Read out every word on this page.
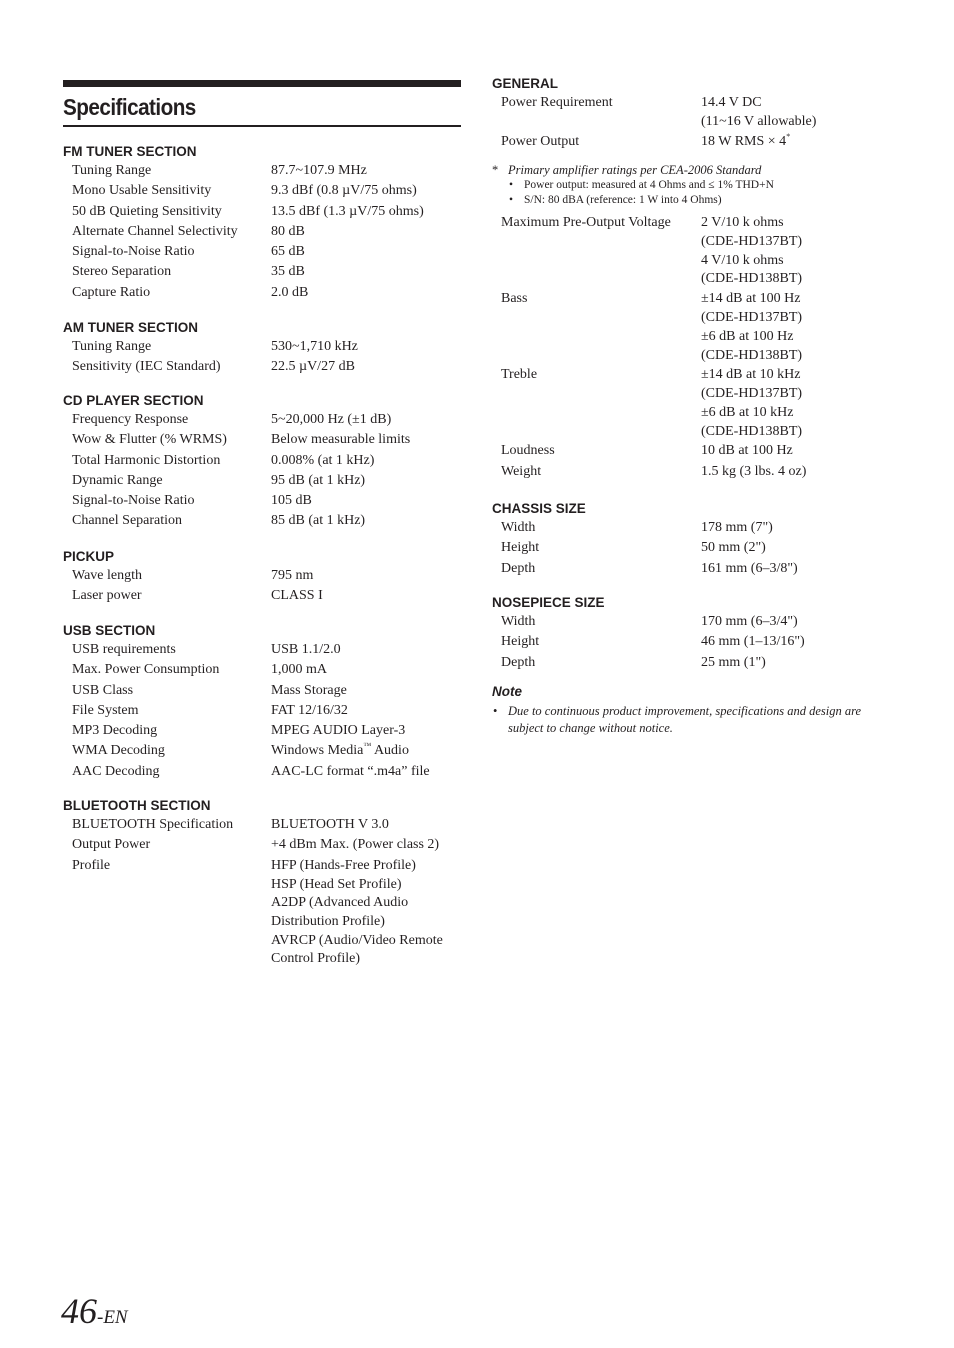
Specifications
FM TUNER SECTION
Tuning Range	87.7~107.9 MHz
Mono Usable Sensitivity	9.3 dBf (0.8 µV/75 ohms)
50 dB Quieting Sensitivity	13.5 dBf (1.3 µV/75 ohms)
Alternate Channel Selectivity	80 dB
Signal-to-Noise Ratio	65 dB
Stereo Separation	35 dB
Capture Ratio	2.0 dB
AM TUNER SECTION
Tuning Range	530~1,710 kHz
Sensitivity (IEC Standard)	22.5 µV/27 dB
CD PLAYER SECTION
Frequency Response	5~20,000 Hz (±1 dB)
Wow & Flutter (% WRMS)	Below measurable limits
Total Harmonic Distortion	0.008% (at 1 kHz)
Dynamic Range	95 dB (at 1 kHz)
Signal-to-Noise Ratio	105 dB
Channel Separation	85 dB (at 1 kHz)
PICKUP
Wave length	795 nm
Laser power	CLASS I
USB SECTION
USB requirements	USB 1.1/2.0
Max. Power Consumption	1,000 mA
USB Class	Mass Storage
File System	FAT 12/16/32
MP3 Decoding	MPEG AUDIO Layer-3
WMA Decoding	Windows Media™ Audio
AAC Decoding	AAC-LC format “.m4a” file
BLUETOOTH SECTION
BLUETOOTH Specification	BLUETOOTH V 3.0
Output Power	+4 dBm Max. (Power class 2)
Profile	HFP (Hands-Free Profile)
HSP (Head Set Profile)
A2DP (Advanced Audio
Distribution Profile)
AVRCP (Audio/Video Remote
Control Profile)
GENERAL
Power Requirement	14.4 V DC
(11~16 V allowable)
Power Output	18 W RMS × 4*
Maximum Pre-Output Voltage	2 V/10 k ohms
(CDE-HD137BT)
4 V/10 k ohms
(CDE-HD138BT)
Bass	±14 dB at 100 Hz
(CDE-HD137BT)
±6 dB at 100 Hz
(CDE-HD138BT)
Treble	±14 dB at 10 kHz
(CDE-HD137BT)
±6 dB at 10 kHz
(CDE-HD138BT)
Loudness	10 dB at 100 Hz
Weight	1.5 kg (3 lbs. 4 oz)
CHASSIS SIZE
Width	178 mm (7")
Height	50 mm (2")
Depth	161 mm (6–3/8")
NOSEPIECE SIZE
Width	170 mm (6–3/4")
Height	46 mm (1–13/16")
Depth	25 mm (1")
* Primary amplifier ratings per CEA-2006 Standard
• Power output: measured at 4 Ohms and ≤ 1% THD+N
• S/N: 80 dBA (reference: 1 W into 4 Ohms)
Note
• Due to continuous product improvement, specifications and design are subject to change without notice.
46-EN
